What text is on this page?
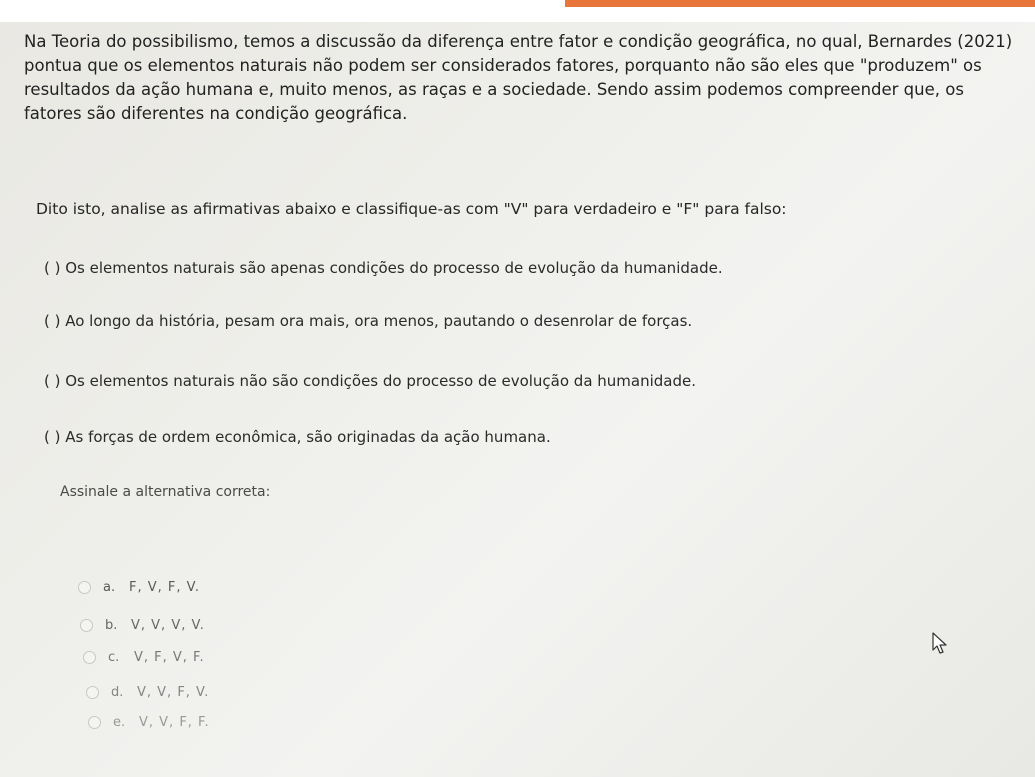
Na Teoria do possibilismo, temos a discussão da diferença entre fator e condição geográfica, no qual, Bernardes (2021) pontua que os elementos naturais não podem ser considerados fatores, porquanto não são eles que "produzem" os resultados da ação humana e, muito menos, as raças e a sociedade. Sendo assim podemos compreender que, os fatores são diferentes na condição geográfica.
Dito isto, analise as afirmativas abaixo e classifique-as com "V" para verdadeiro e "F" para falso:
( ) Os elementos naturais são apenas condições do processo de evolução da humanidade.
( ) Ao longo da história, pesam ora mais, ora menos, pautando o desenrolar de forças.
( ) Os elementos naturais não são condições do processo de evolução da humanidade.
( ) As forças de ordem econômica, são originadas da ação humana.
Assinale a alternativa correta:
a.	F, V, F, V.
b.	V, V, V, V.
c.	V, F, V, F.
d.	V, V, F, V.
e.	V, V, F, F.
